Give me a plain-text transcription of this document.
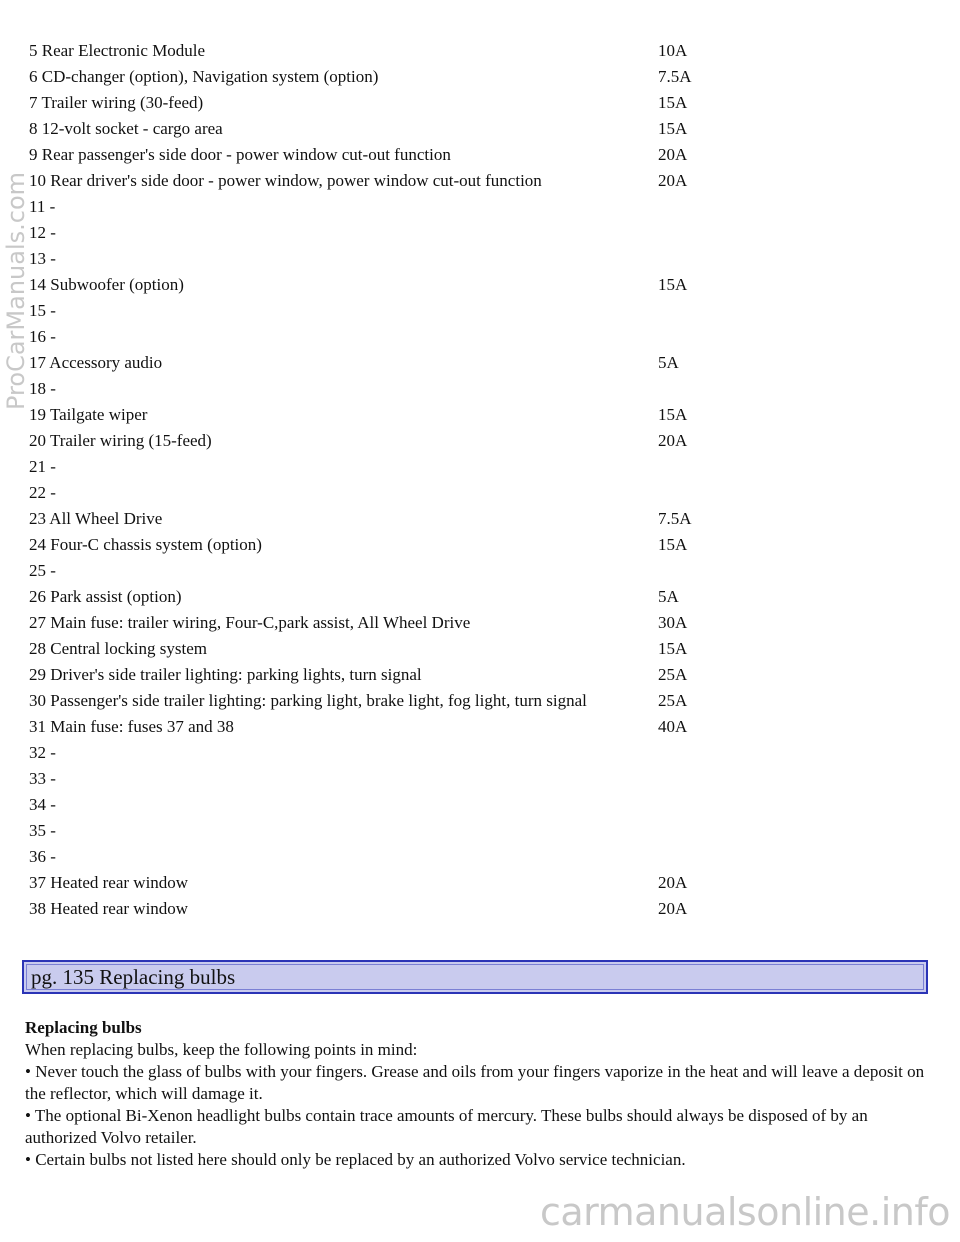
5 Rear Electronic Module	10A
6 CD-changer (option), Navigation system (option)	7.5A
7 Trailer wiring (30-feed)	15A
8 12-volt socket - cargo area	15A
9 Rear passenger's side door - power window cut-out function	20A
10 Rear driver's side door - power window, power window cut-out function	20A
11 -	
12 -	
13 -	
14 Subwoofer (option)	15A
15 -	
16 -	
17 Accessory audio	5A
18 -	
19 Tailgate wiper	15A
20 Trailer wiring (15-feed)	20A
21 -	
22 -	
23 All Wheel Drive	7.5A
24 Four-C chassis system (option)	15A
25 -	
26 Park assist (option)	5A
27 Main fuse: trailer wiring, Four-C,park assist, All Wheel Drive	30A
28 Central locking system	15A
29 Driver's side trailer lighting: parking lights, turn signal	25A
30 Passenger's side trailer lighting: parking light, brake light, fog light, turn signal	25A
31 Main fuse: fuses 37 and 38	40A
32 -	
33 -	
34 -	
35 -	
36 -	
37 Heated rear window	20A
38 Heated rear window	20A
pg. 135 Replacing bulbs

Replacing bulbs

When replacing bulbs, keep the following points in mind:

• Never touch the glass of bulbs with your fingers. Grease and oils from your fingers vaporize in the heat and will leave a deposit on the reflector, which will damage it.

• The optional Bi-Xenon headlight bulbs contain trace amounts of mercury. These bulbs should always be disposed of by an authorized Volvo retailer.

• Certain bulbs not listed here should only be replaced by an authorized Volvo service technician.

ProCarManuals.com
carmanualsonline.info
